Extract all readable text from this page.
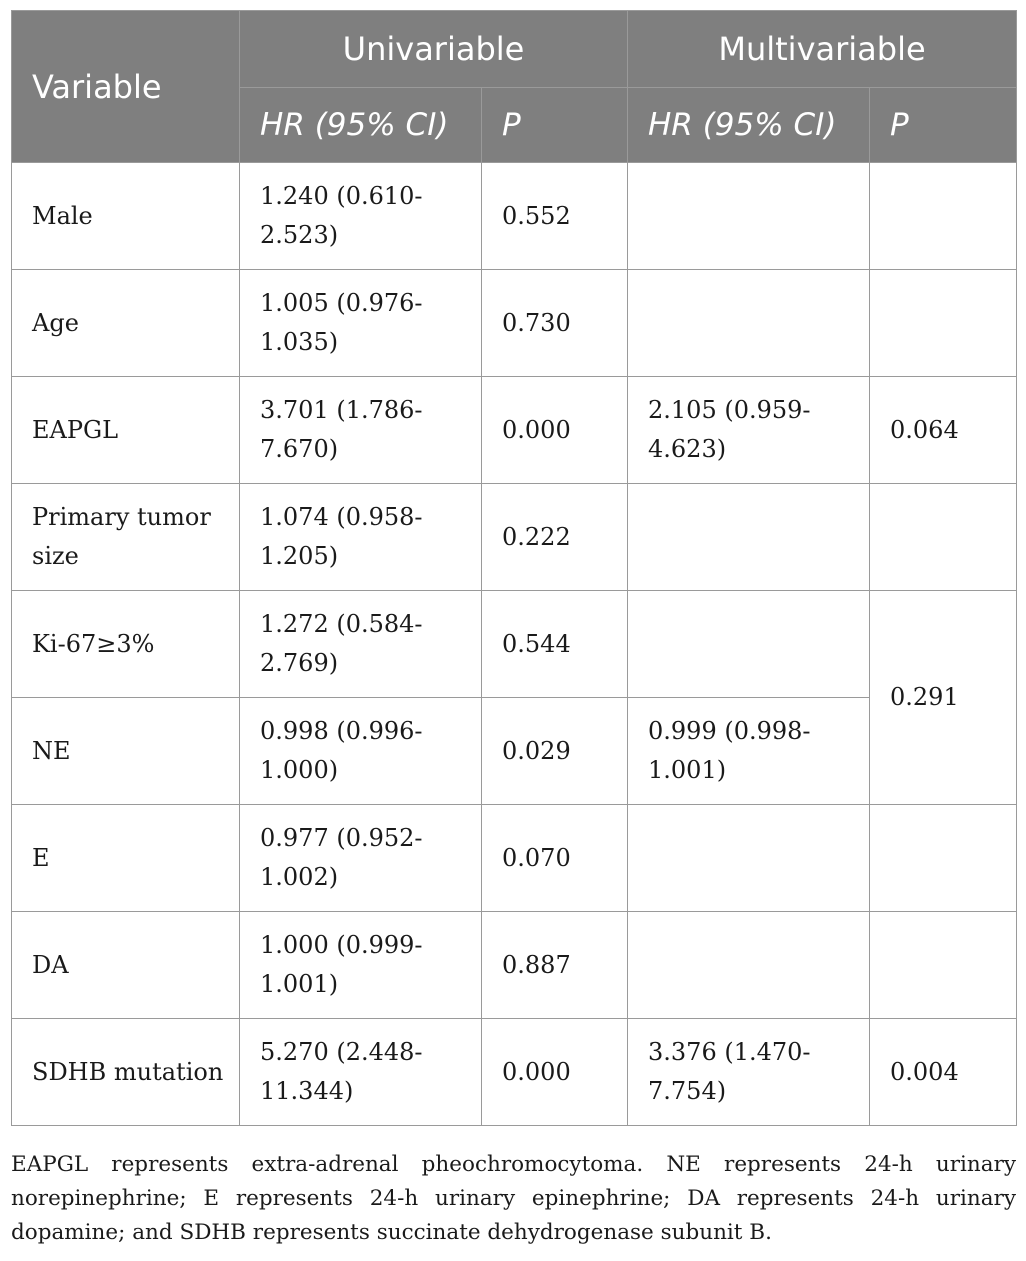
Variable	Univariable		Multivariable	
	HR (95% CI)	P	HR (95% CI)	P
Male	1.240 (0.610-2.523)	0.552		
Age	1.005 (0.976-1.035)	0.730		
EAPGL	3.701 (1.786-7.670)	0.000	2.105 (0.959-4.623)	0.064
Primary tumor size	1.074 (0.958-1.205)	0.222		
Ki-67≥3%	1.272 (0.584-2.769)	0.544		0.291
NE	0.998 (0.996-1.000)	0.029	0.999 (0.998-1.001)	
E	0.977 (0.952-1.002)	0.070		
DA	1.000 (0.999-1.001)	0.887		
SDHB mutation	5.270 (2.448-11.344)	0.000	3.376 (1.470-7.754)	0.004
EAPGL represents extra-adrenal pheochromocytoma. NE represents 24-h urinary norepinephrine; E represents 24-h urinary epinephrine; DA represents 24-h urinary dopamine; and SDHB represents succinate dehydrogenase subunit B.
